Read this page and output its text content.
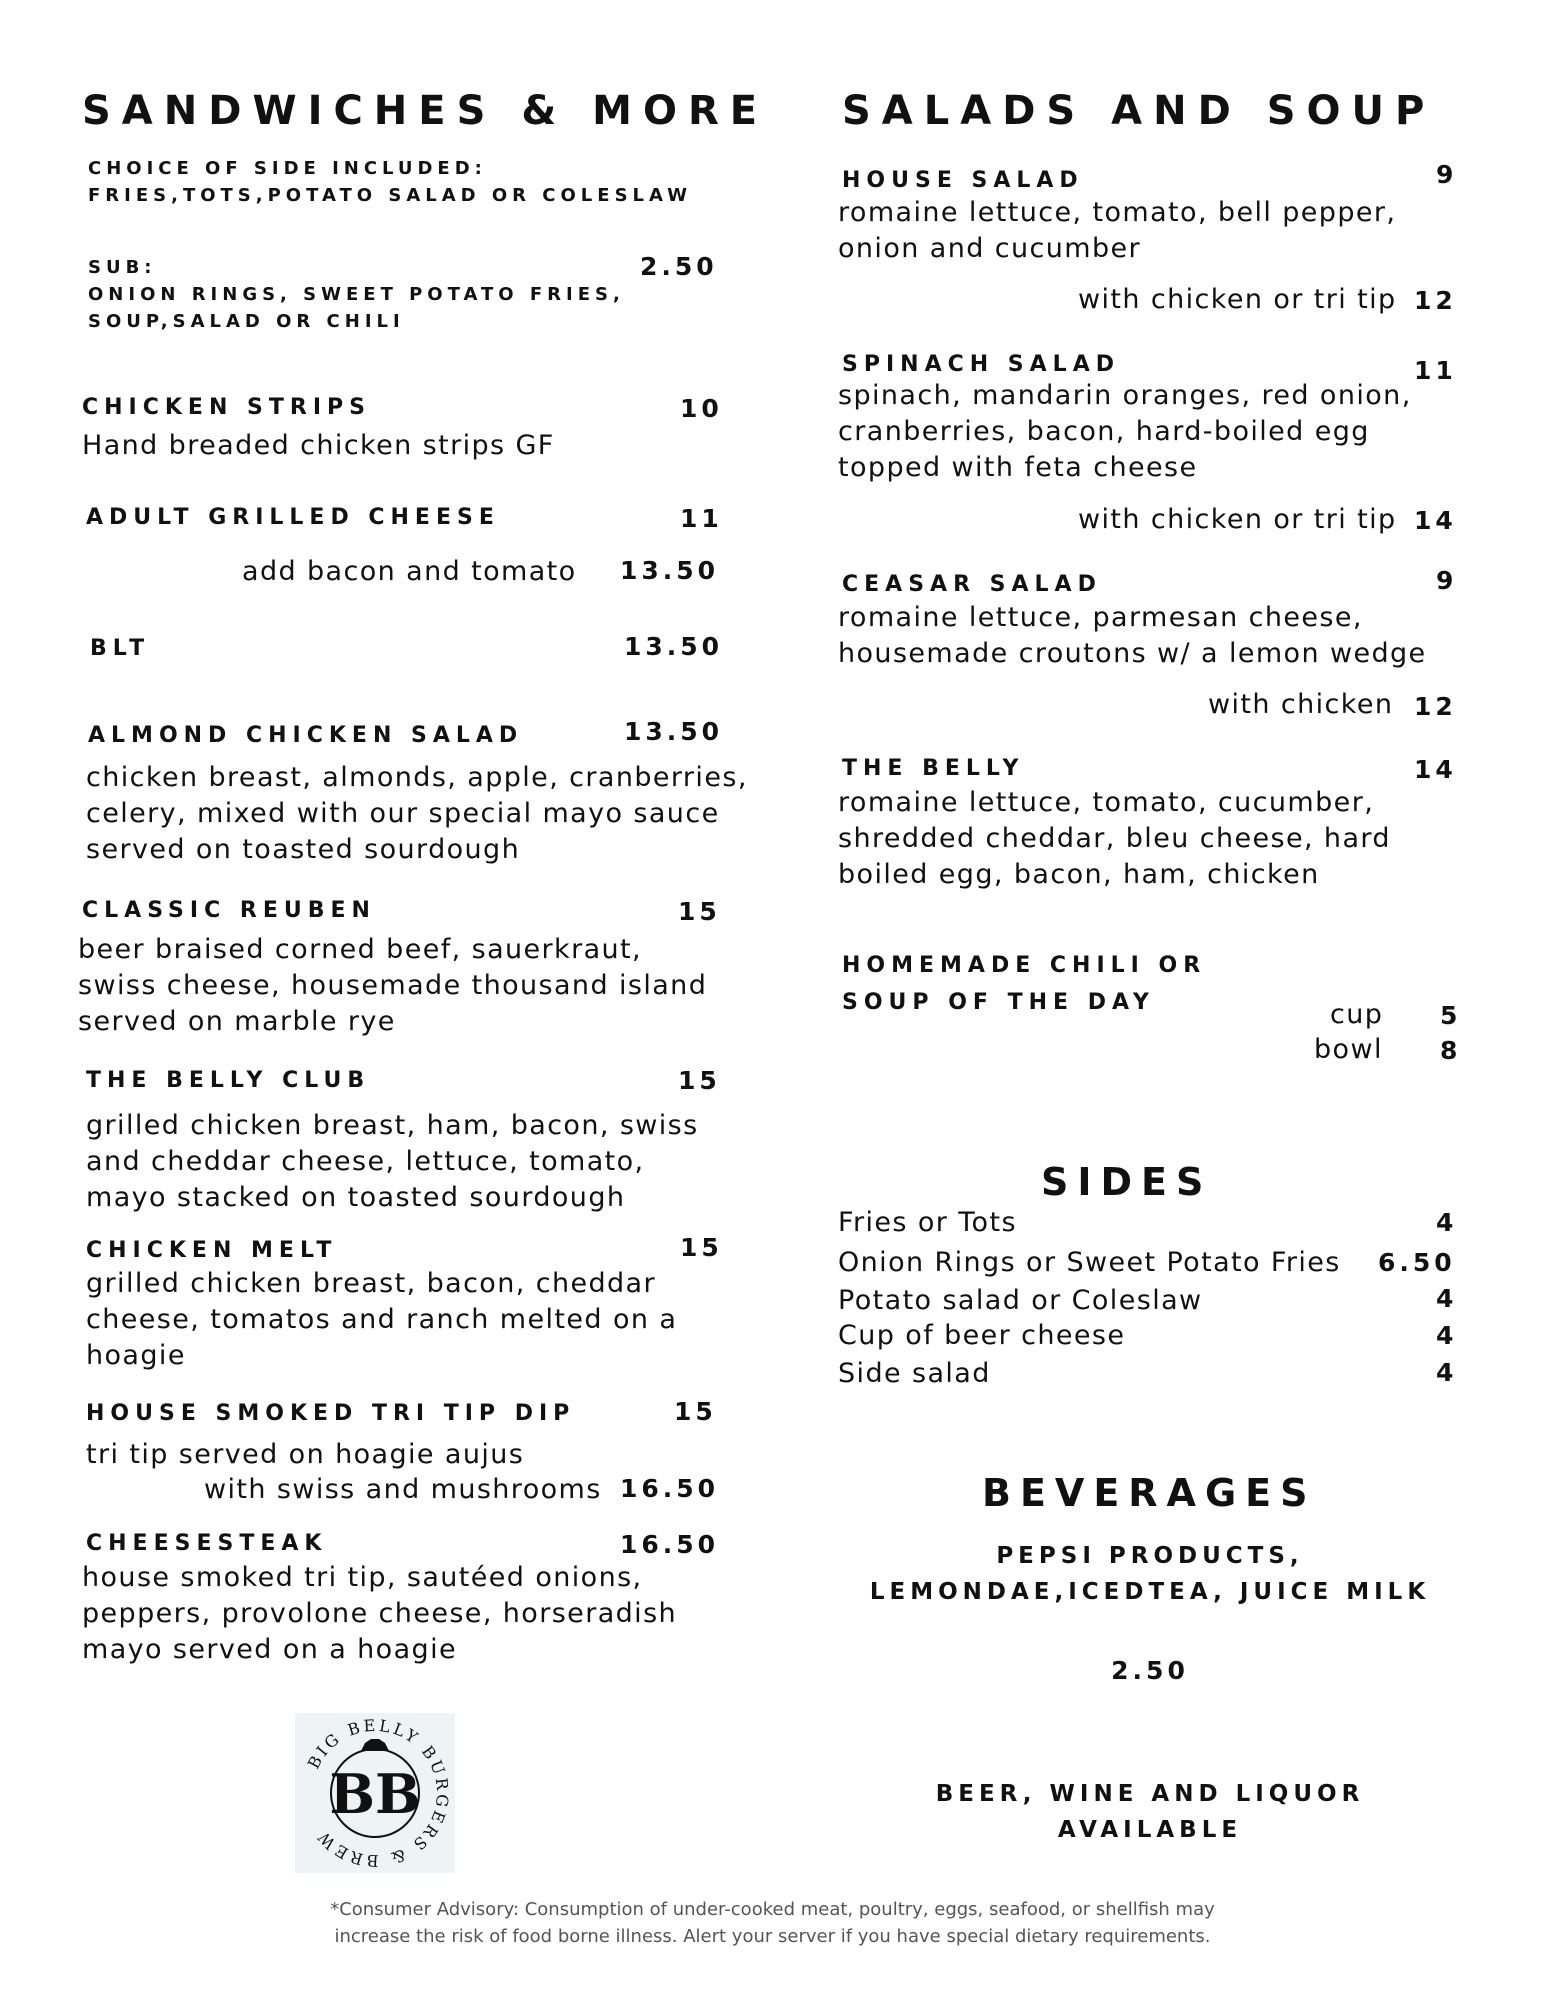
SANDWICHES & MORE
CHOICE OF SIDE INCLUDED:
FRIES,TOTS,POTATO SALAD OR COLESLAW
SUB:
ONION RINGS, SWEET POTATO FRIES,
SOUP,SALAD OR CHILI
2.50
CHICKEN STRIPS	10
Hand breaded chicken strips GF
ADULT GRILLED CHEESE	11
add bacon and tomato 13.50
BLT	13.50
ALMOND CHICKEN SALAD	13.50
chicken breast, almonds, apple, cranberries,
celery, mixed with our special mayo sauce
served on toasted sourdough
CLASSIC REUBEN	15
beer braised corned beef, sauerkraut,
swiss cheese, housemade thousand island
served on marble rye
THE BELLY CLUB	15
grilled chicken breast, ham, bacon, swiss
and cheddar cheese, lettuce, tomato,
mayo stacked on toasted sourdough
CHICKEN MELT	15
grilled chicken breast, bacon, cheddar
cheese, tomatos and ranch melted on a
hoagie
HOUSE SMOKED TRI TIP DIP	15
tri tip served on hoagie aujus
with swiss and mushrooms 16.50
CHEESESTEAK	16.50
house smoked tri tip, sautéed onions,
peppers, provolone cheese, horseradish
mayo served on a hoagie
BIG BELLY BURGERS & BREW
BB
*Consumer Advisory: Consumption of under-cooked meat, poultry, eggs, seafood, or shellfish may
increase the risk of food borne illness. Alert your server if you have special dietary requirements.
SALADS AND SOUP
HOUSE SALAD	9
romaine lettuce, tomato, bell pepper,
onion and cucumber
with chicken or tri tip 12
SPINACH SALAD	11
spinach, mandarin oranges, red onion,
cranberries, bacon, hard-boiled egg
topped with feta cheese
with chicken or tri tip 14
CEASAR SALAD	9
romaine lettuce, parmesan cheese,
housemade croutons w/ a lemon wedge
with chicken 12
THE BELLY	14
romaine lettuce, tomato, cucumber,
shredded cheddar, bleu cheese, hard
boiled egg, bacon, ham, chicken
HOMEMADE CHILI OR
SOUP OF THE DAY	cup 5
bowl 8
SIDES
Fries or Tots	4
Onion Rings or Sweet Potato Fries 6.50
Potato salad or Coleslaw	4
Cup of beer cheese	4
Side salad	4
BEVERAGES
PEPSI PRODUCTS,
LEMONDAE,ICEDTEA, JUICE MILK
2.50
BEER, WINE AND LIQUOR
AVAILABLE
